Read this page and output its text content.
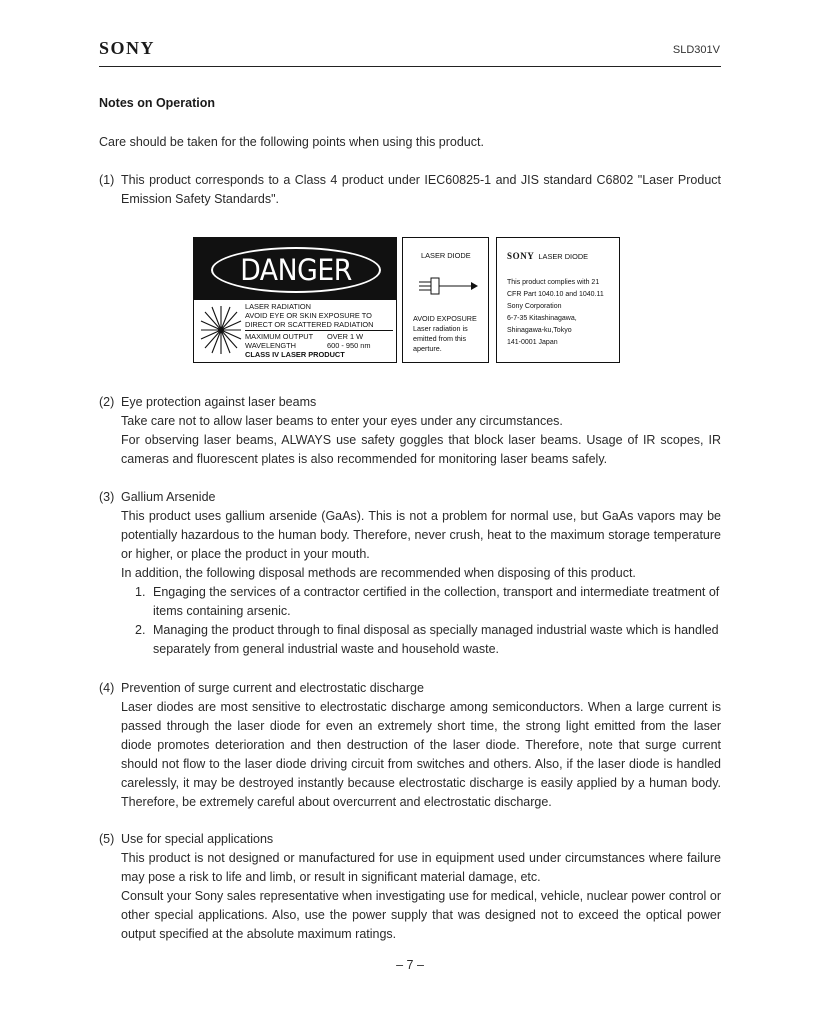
SONY	SLD301V
Notes on Operation
Care should be taken for the following points when using this product.
(1) This product corresponds to a Class 4 product under IEC60825-1 and JIS standard C6802 "Laser Product Emission Safety Standards".

DANGER
LASER RADIATION
AVOID EYE OR SKIN EXPOSURE TO
DIRECT OR SCATTERED RADIATION
MAXIMUM OUTPUT	OVER 1 W
WAVELENGTH	600 - 950 nm
CLASS IV LASER PRODUCT
LASER DIODE
AVOID EXPOSURE
Laser radiation is
emitted from this
aperture.
SONY LASER DIODE
This product complies with 21
CFR Part 1040.10 and 1040.11
Sony Corporation
6-7-35 Kitashinagawa,
Shinagawa-ku,Tokyo
141-0001 Japan
(2) Eye protection against laser beams

Take care not to allow laser beams to enter your eyes under any circumstances.

For observing laser beams, ALWAYS use safety goggles that block laser beams. Usage of IR scopes, IR cameras and fluorescent plates is also recommended for monitoring laser beams safely.

(3) Gallium Arsenide

This product uses gallium arsenide (GaAs). This is not a problem for normal use, but GaAs vapors may be potentially hazardous to the human body. Therefore, never crush, heat to the maximum storage temperature or higher, or place the product in your mouth.

In addition, the following disposal methods are recommended when disposing of this product.

1. Engaging the services of a contractor certified in the collection, transport and intermediate treatment of items containing arsenic.
2. Managing the product through to final disposal as specially managed industrial waste which is handled separately from general industrial waste and household waste.
(4) Prevention of surge current and electrostatic discharge

Laser diodes are most sensitive to electrostatic discharge among semiconductors. When a large current is passed through the laser diode for even an extremely short time, the strong light emitted from the laser diode promotes deterioration and then destruction of the laser diode. Therefore, note that surge current should not flow to the laser diode driving circuit from switches and others. Also, if the laser diode is handled carelessly, it may be destroyed instantly because electrostatic discharge is easily applied by a human body. Therefore, be extremely careful about overcurrent and electrostatic discharge.

(5) Use for special applications

This product is not designed or manufactured for use in equipment used under circumstances where failure may pose a risk to life and limb, or result in significant material damage, etc.

Consult your Sony sales representative when investigating use for medical, vehicle, nuclear power control or other special applications. Also, use the power supply that was designed not to exceed the optical power output specified at the absolute maximum ratings.

– 7 –
